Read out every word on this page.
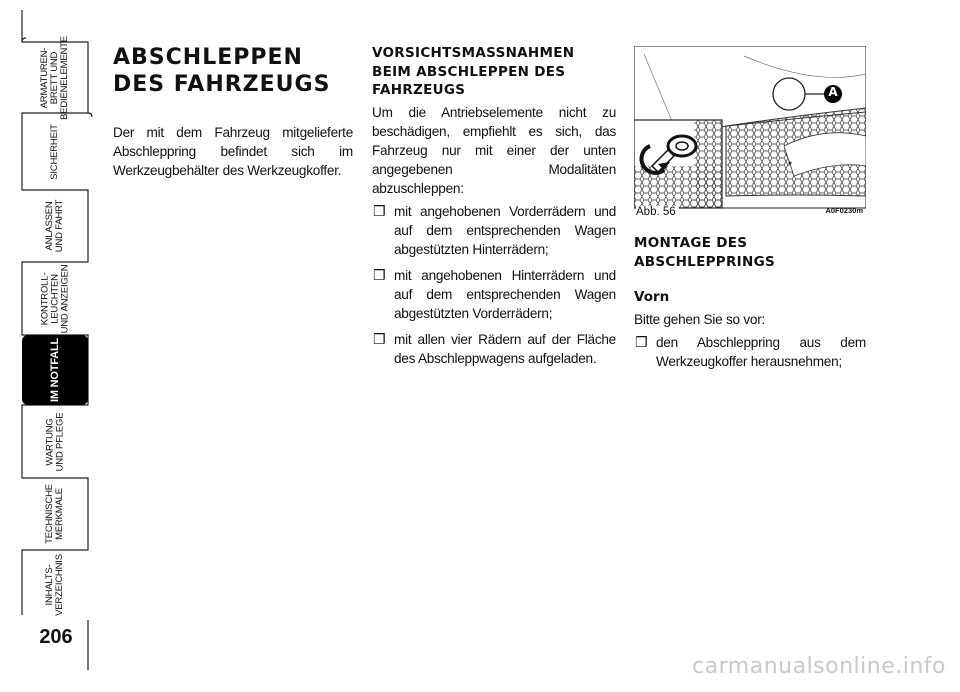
ARMATUREN-
BRETT UND
BEDIENELEMENTE
SICHERHEIT
ANLASSEN
UND FAHRT
KONTROLL-
LEUCHTEN
UND ANZEIGEN
IM NOTFALL
WARTUNG
UND PFLEGE
TECHNISCHE
MERKMALE
INHALTS-
VERZEICHNIS
206
ABSCHLEPPEN DES FAHRZEUGS

Der mit dem Fahrzeug mitgelieferte Abschleppring befindet sich im Werkzeugbehälter des Werkzeugkoffer.

VORSICHTSMASSNAHMEN BEIM ABSCHLEPPEN DES FAHRZEUGS

Um die Antriebselemente nicht zu beschädigen, empfiehlt es sich, das Fahrzeug nur mit einer der unten angegebenen Modalitäten abzuschleppen:

❒ mit angehobenen Vorderrädern und auf dem entsprechenden Wagen abgestützten Hinterrädern;
❒ mit angehobenen Hinterrädern und auf dem entsprechenden Wagen abgestützten Vorderrädern;
❒ mit allen vier Rädern auf der Fläche des Abschleppwagens aufgeladen.
A
Abb. 56	A0F0230m
MONTAGE DES ABSCHLEPPRINGS
Vorn

Bitte gehen Sie so vor:

❒ den Abschleppring aus dem Werkzeugkoffer herausnehmen;
carmanualsonline.info
